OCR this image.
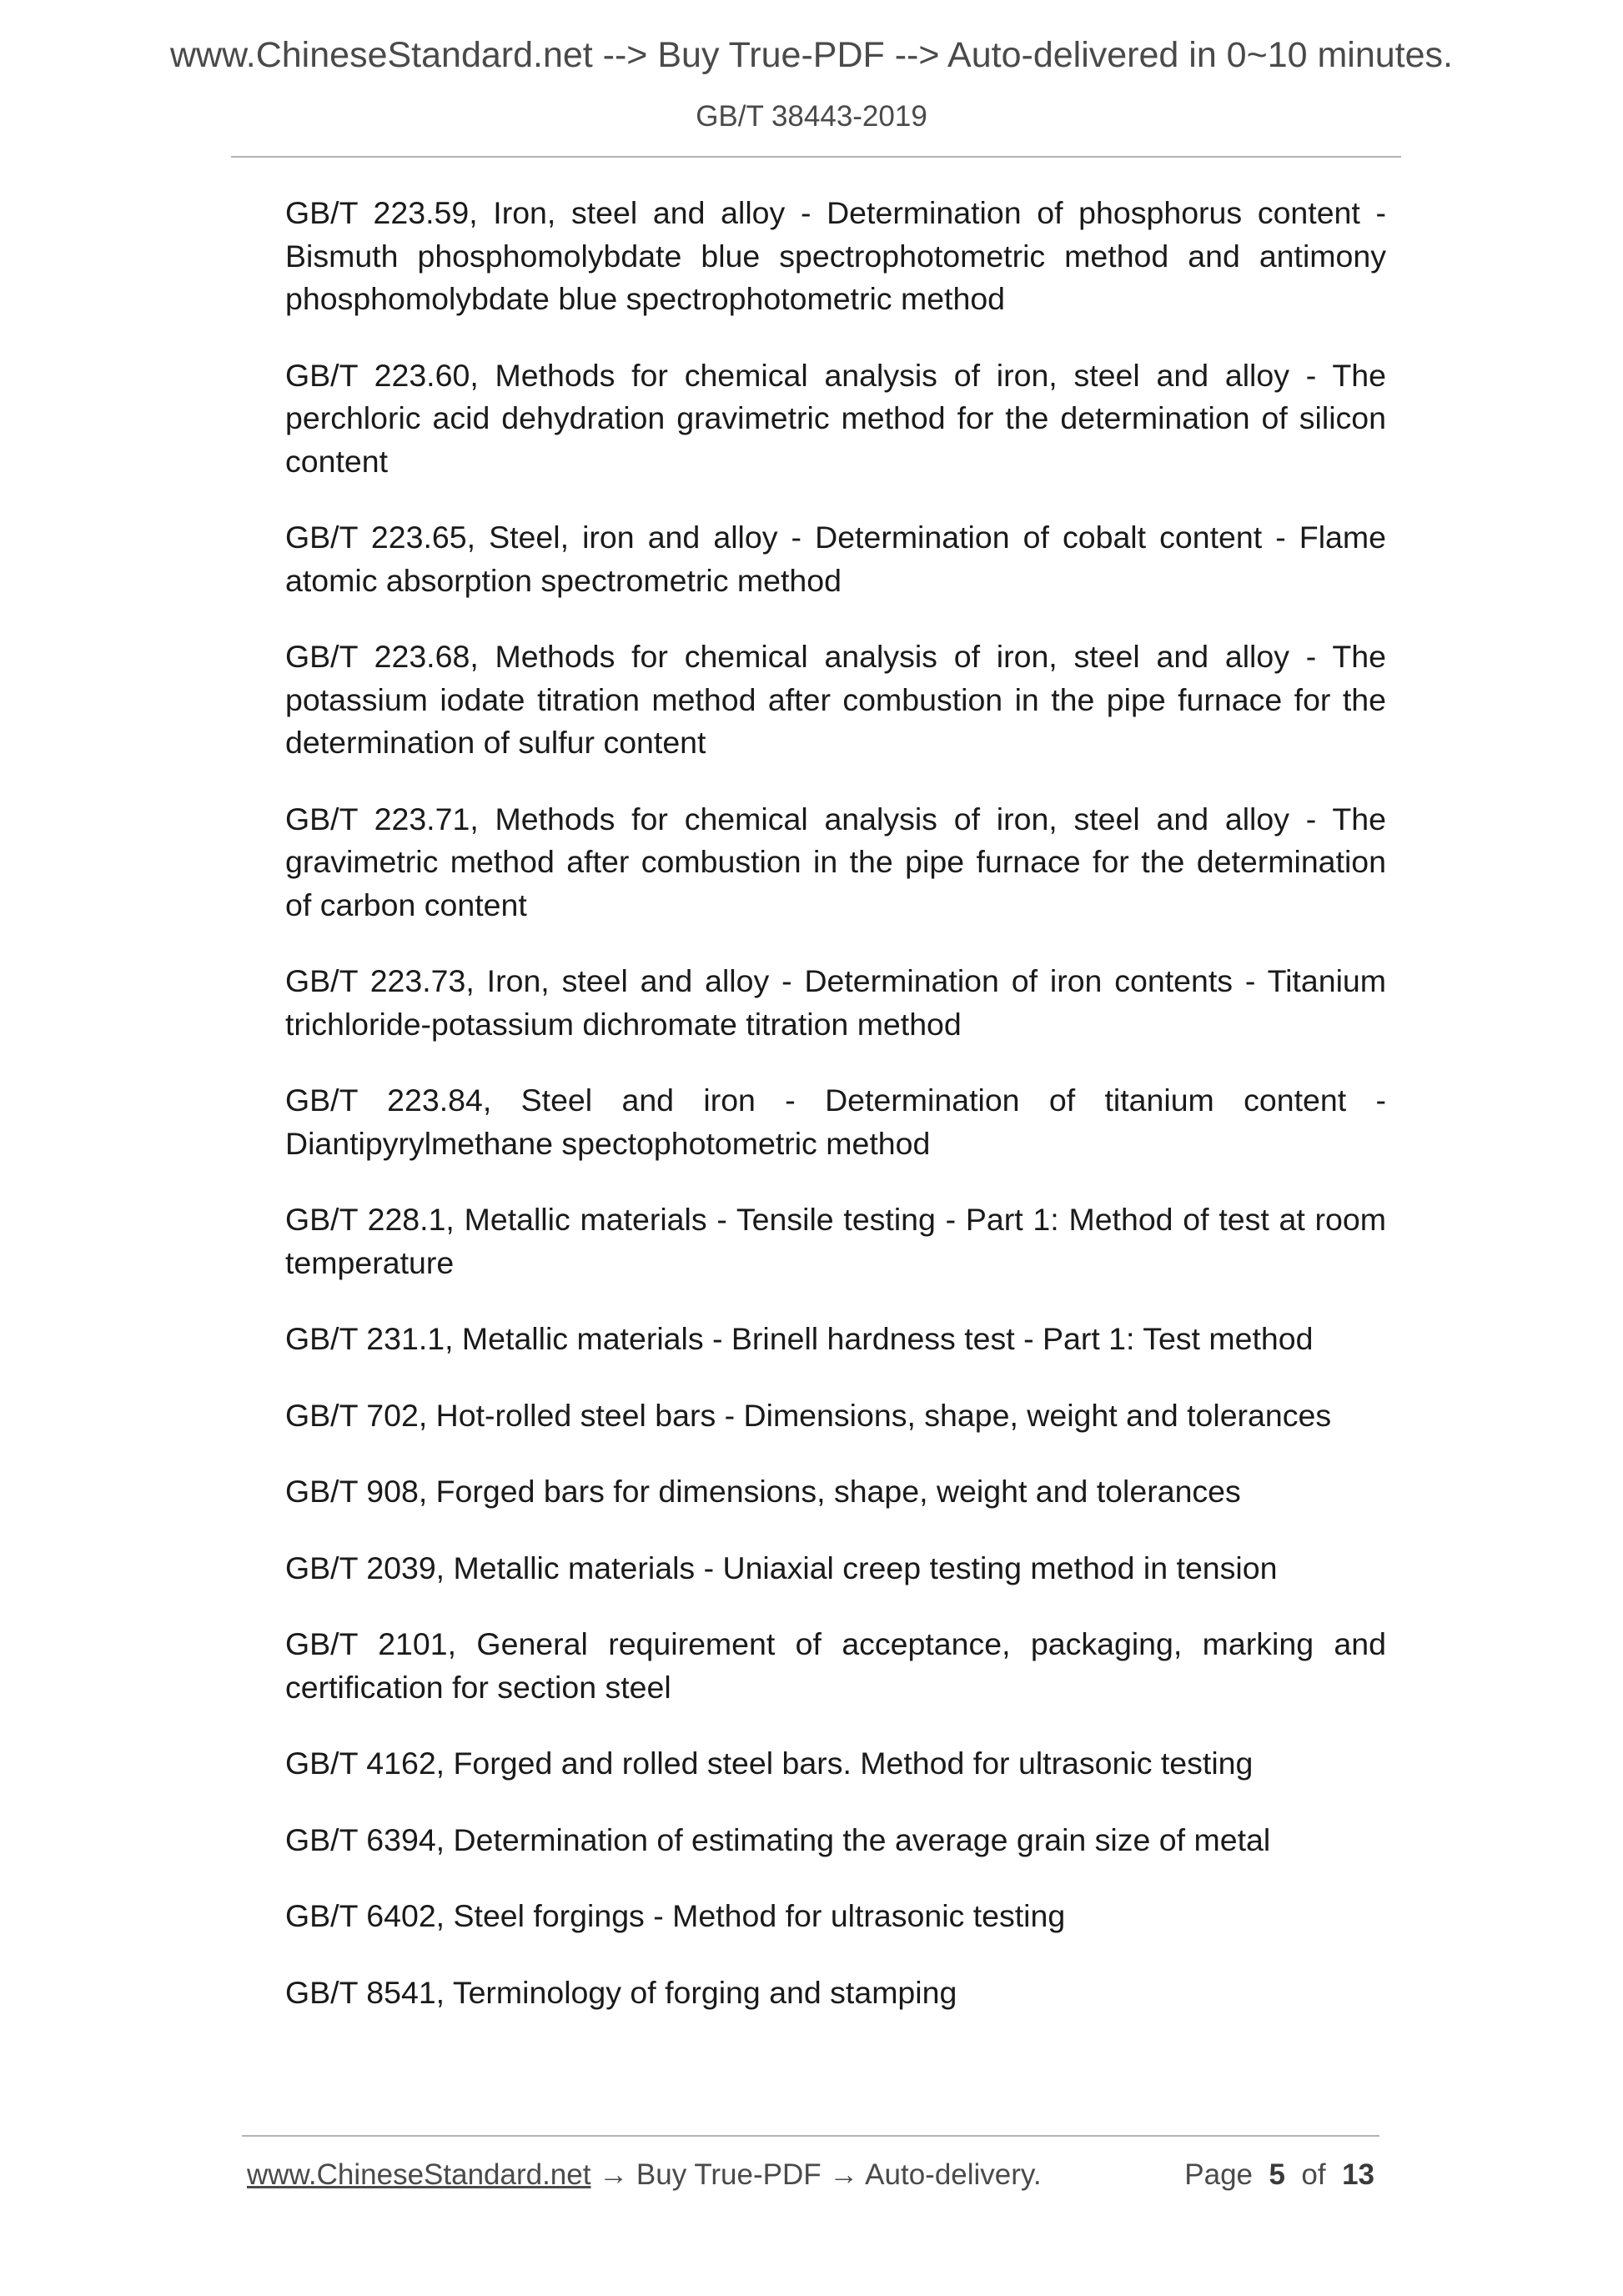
www.ChineseStandard.net --> Buy True-PDF --> Auto-delivered in 0~10 minutes.
GB/T 38443-2019

GB/T 223.59, Iron, steel and alloy - Determination of phosphorus content - Bismuth phosphomolybdate blue spectrophotometric method and antimony phosphomolybdate blue spectrophotometric method

GB/T 223.60, Methods for chemical analysis of iron, steel and alloy - The perchloric acid dehydration gravimetric method for the determination of silicon content

GB/T 223.65, Steel, iron and alloy - Determination of cobalt content - Flame atomic absorption spectrometric method

GB/T 223.68, Methods for chemical analysis of iron, steel and alloy - The potassium iodate titration method after combustion in the pipe furnace for the determination of sulfur content

GB/T 223.71, Methods for chemical analysis of iron, steel and alloy - The gravimetric method after combustion in the pipe furnace for the determination of carbon content

GB/T 223.73, Iron, steel and alloy - Determination of iron contents - Titanium trichloride-potassium dichromate titration method

GB/T 223.84, Steel and iron - Determination of titanium content - Diantipyrylmethane spectophotometric method

GB/T 228.1, Metallic materials - Tensile testing - Part 1: Method of test at room temperature

GB/T 231.1, Metallic materials - Brinell hardness test - Part 1: Test method

GB/T 702, Hot-rolled steel bars - Dimensions, shape, weight and tolerances

GB/T 908, Forged bars for dimensions, shape, weight and tolerances

GB/T 2039, Metallic materials - Uniaxial creep testing method in tension

GB/T 2101, General requirement of acceptance, packaging, marking and certification for section steel

GB/T 4162, Forged and rolled steel bars. Method for ultrasonic testing

GB/T 6394, Determination of estimating the average grain size of metal

GB/T 6402, Steel forgings - Method for ultrasonic testing

GB/T 8541, Terminology of forging and stamping

www.ChineseStandard.net → Buy True-PDF → Auto-delivery.	Page 5 of 13
